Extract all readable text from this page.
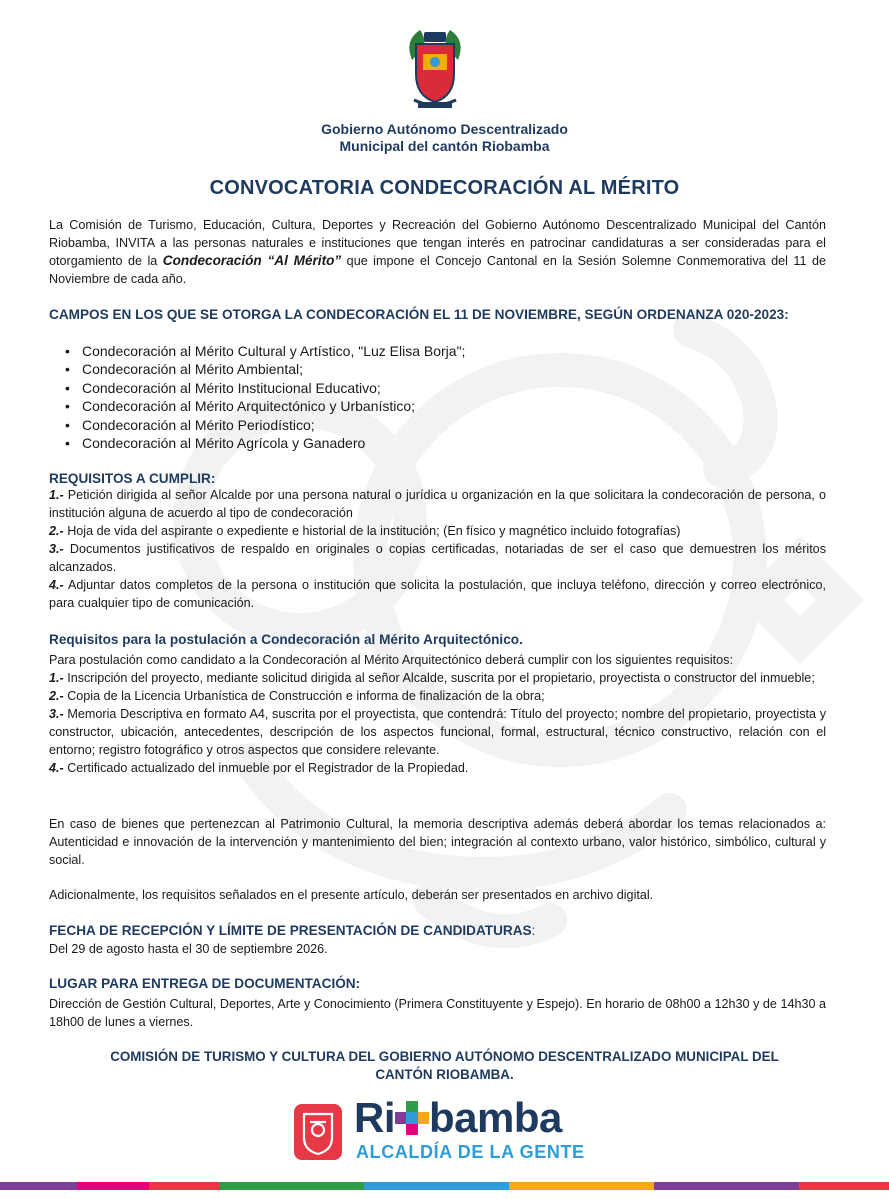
Gobierno Autónomo Descentralizado
Municipal del cantón Riobamba
CONVOCATORIA CONDECORACIÓN AL MÉRITO
La Comisión de Turismo, Educación, Cultura, Deportes y Recreación del Gobierno Autónomo Descentralizado Municipal del Cantón Riobamba, INVITA a las personas naturales e instituciones que tengan interés en patrocinar candidaturas a ser consideradas para el otorgamiento de la Condecoración “Al Mérito” que impone el Concejo Cantonal en la Sesión Solemne Conmemorativa del 11 de Noviembre de cada año.
CAMPOS EN LOS QUE SE OTORGA LA CONDECORACIÓN EL 11 DE NOVIEMBRE, SEGÚN ORDENANZA 020-2023:
• Condecoración al Mérito Cultural y Artístico, "Luz Elisa Borja";
• Condecoración al Mérito Ambiental;
• Condecoración al Mérito Institucional Educativo;
• Condecoración al Mérito Arquitectónico y Urbanístico;
• Condecoración al Mérito Periodístico;
• Condecoración al Mérito Agrícola y Ganadero
REQUISITOS A CUMPLIR:
1.- Petición dirigida al señor Alcalde por una persona natural o jurídica u organización en la que solicitara la condecoración de persona, o institución alguna de acuerdo al tipo de condecoración
2.- Hoja de vida del aspirante o expediente e historial de la institución; (En físico y magnético incluido fotografías)
3.- Documentos justificativos de respaldo en originales o copias certificadas, notariadas de ser el caso que demuestren los méritos alcanzados.
4.- Adjuntar datos completos de la persona o institución que solicita la postulación, que incluya teléfono, dirección y correo electrónico, para cualquier tipo de comunicación.
Requisitos para la postulación a Condecoración al Mérito Arquitectónico.
Para postulación como candidato a la Condecoración al Mérito Arquitectónico deberá cumplir con los siguientes requisitos:
1.- Inscripción del proyecto, mediante solicitud dirigida al señor Alcalde, suscrita por el propietario, proyectista o constructor del inmueble;
2.- Copia de la Licencia Urbanística de Construcción e informa de finalización de la obra;
3.- Memoria Descriptiva en formato A4, suscrita por el proyectista, que contendrá: Título del proyecto; nombre del propietario, proyectista y constructor, ubicación, antecedentes, descripción de los aspectos funcional, formal, estructural, técnico constructivo, relación con el entorno; registro fotográfico y otros aspectos que considere relevante.
4.- Certificado actualizado del inmueble por el Registrador de la Propiedad.
En caso de bienes que pertenezcan al Patrimonio Cultural, la memoria descriptiva además deberá abordar los temas relacionados a: Autenticidad e innovación de la intervención y mantenimiento del bien; integración al contexto urbano, valor histórico, simbólico, cultural y social.
Adicionalmente, los requisitos señalados en el presente artículo, deberán ser presentados en archivo digital.
FECHA DE RECEPCIÓN Y LÍMITE DE PRESENTACIÓN DE CANDIDATURAS:
Del 29 de agosto hasta el 30 de septiembre 2026.
LUGAR PARA ENTREGA DE DOCUMENTACIÓN:
Dirección de Gestión Cultural, Deportes, Arte y Conocimiento (Primera Constituyente y Espejo). En horario de 08h00 a 12h30 y de 14h30 a 18h00 de lunes a viernes.
COMISIÓN DE TURISMO Y CULTURA DEL GOBIERNO AUTÓNOMO DESCENTRALIZADO MUNICIPAL DEL
CANTÓN RIOBAMBA.
Ri bamba
ALCALDÍA DE LA GENTE
